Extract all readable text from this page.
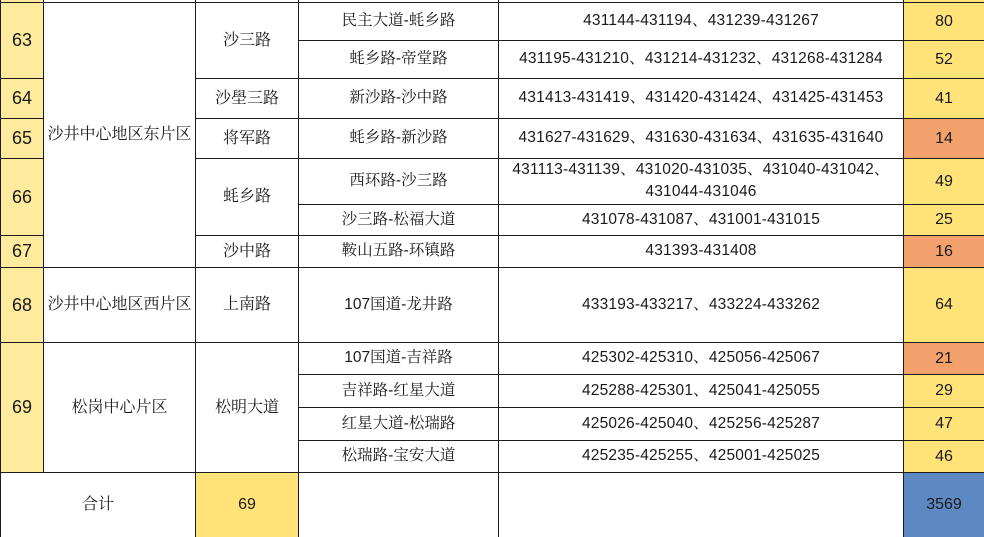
63	沙井中心地区东片区	沙三路	民主大道-蚝乡路	431144-431194、431239-431267	80
			蚝乡路-帝堂路	431195-431210、431214-431232、431268-431284	52
64		沙壆三路	新沙路-沙中路	431413-431419、431420-431424、431425-431453	41
65		将军路	蚝乡路-新沙路	431627-431629、431630-431634、431635-431640	14
66		蚝乡路	西环路-沙三路	431113-431139、431020-431035、431040-431042、431044-431046	49
			沙三路-松福大道	431078-431087、431001-431015	25
67		沙中路	鞍山五路-环镇路	431393-431408	16
68	沙井中心地区西片区	上南路	107国道-龙井路	433193-433217、433224-433262	64
69	松岗中心片区	松明大道	107国道-吉祥路	425302-425310、425056-425067	21
			吉祥路-红星大道	425288-425301、425041-425055	29
			红星大道-松瑞路	425026-425040、425256-425287	47
			松瑞路-宝安大道	425235-425255、425001-425025	46
合计		69			3569
